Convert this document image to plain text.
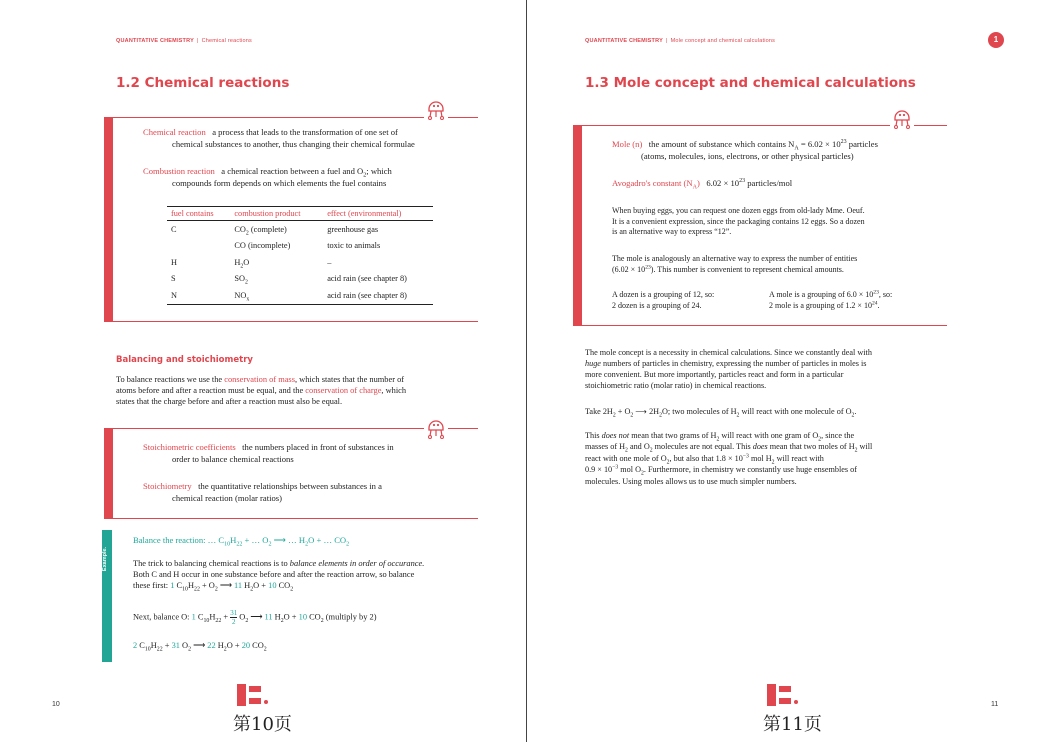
QUANTITATIVE CHEMISTRY | Chemical reactions
1.2 Chemical reactions
Chemical reaction a process that leads to the transformation of one set of
chemical substances to another, thus changing their chemical formulae
Combustion reaction a chemical reaction between a fuel and $O_2$; which
compounds form depends on which elements the fuel contains
fuel contains	combustion product	effect (environmental)
C	$CO_2$ (complete)	greenhouse gas
	CO (incomplete)	toxic to animals
H	$H_2O$	–
S	$SO_2$	acid rain (see chapter 8)
N	$NO_x$	acid rain (see chapter 8)
Balancing and stoichiometry
To balance reactions we use the conservation of mass, which states that the number of
atoms before and after a reaction must be equal, and the conservation of charge, which
states that the charge before and after a reaction must also be equal.
Stoichiometric coefficients the numbers placed in front of substances in
order to balance chemical reactions
Stoichiometry the quantitative relationships between substances in a
chemical reaction (molar ratios)
Example.
Balance the reaction: … $C_{10}H_{22}$ + … $O_2$ ⟶ … $H_2O$ + … $CO_2$
The trick to balancing chemical reactions is to balance elements in order of occurance.
Both C and H occur in one substance before and after the reaction arrow, so balance
these first: 1 $C_{10}H_{22} + O_2$ ⟶ 11 $H_2O + 10$ $CO_2$
Next, balance O: 1 $C_{10}H_{22} + \frac{31}{2} O_2$ ⟶ 11 $H_2O + 10$ $CO_2$ (multiply by 2)
2 $C_{10}H_{22} + 31$ $O_2$ ⟶ 22 $H_2O + 20$ $CO_2$
10
第10页
QUANTITATIVE CHEMISTRY | Mole concept and chemical calculations
1.3 Mole concept and chemical calculations
Mole (n) the amount of substance which contains $N_A = 6.02 \times 10^{23}$ particles
(atoms, molecules, ions, electrons, or other physical particles)
Avogadro's constant $(N_A) 6.02 \times 10^{23}$ particles/mol
When buying eggs, you can request one dozen eggs from old-lady Mme. Oeuf.
It is a convenient expression, since the packaging contains 12 eggs. So a dozen
is an alternative way to express “12”.
The mole is analogously an alternative way to express the number of entities
$(6.02 \times 10^{23})$. This number is convenient to represent chemical amounts.
A dozen is a grouping of 12, so:
2 dozen is a grouping of 24.
A mole is a grouping of $6.0 \times 10^{23}$, so:
2 mole is a grouping of $1.2 \times 10^{24}$.
The mole concept is a necessity in chemical calculations. Since we constantly deal with
huge numbers of particles in chemistry, expressing the number of particles in moles is
more convenient. But more importantly, particles react and form in a particular
stoichiometric ratio (molar ratio) in chemical reactions.
Take $2H_2 + O_2$ ⟶ $2H_2O$; two molecules of $H_2$ will react with one molecule of $O_2$.
This does not mean that two grams of $H_2$ will react with one gram of $O_2$, since the
masses of $H_2$ and $O_2$ molecules are not equal. This does mean that two moles of $H_2$ will
react with one mole of $O_2$, but also that $1.8 \times 10^{-3}$ mol $H_2$ will react with
$0.9 \times 10^{-3}$ mol $O_2$. Furthermore, in chemistry we constantly use huge ensembles of
molecules. Using moles allows us to use much simpler numbers.
11
第11页
1
